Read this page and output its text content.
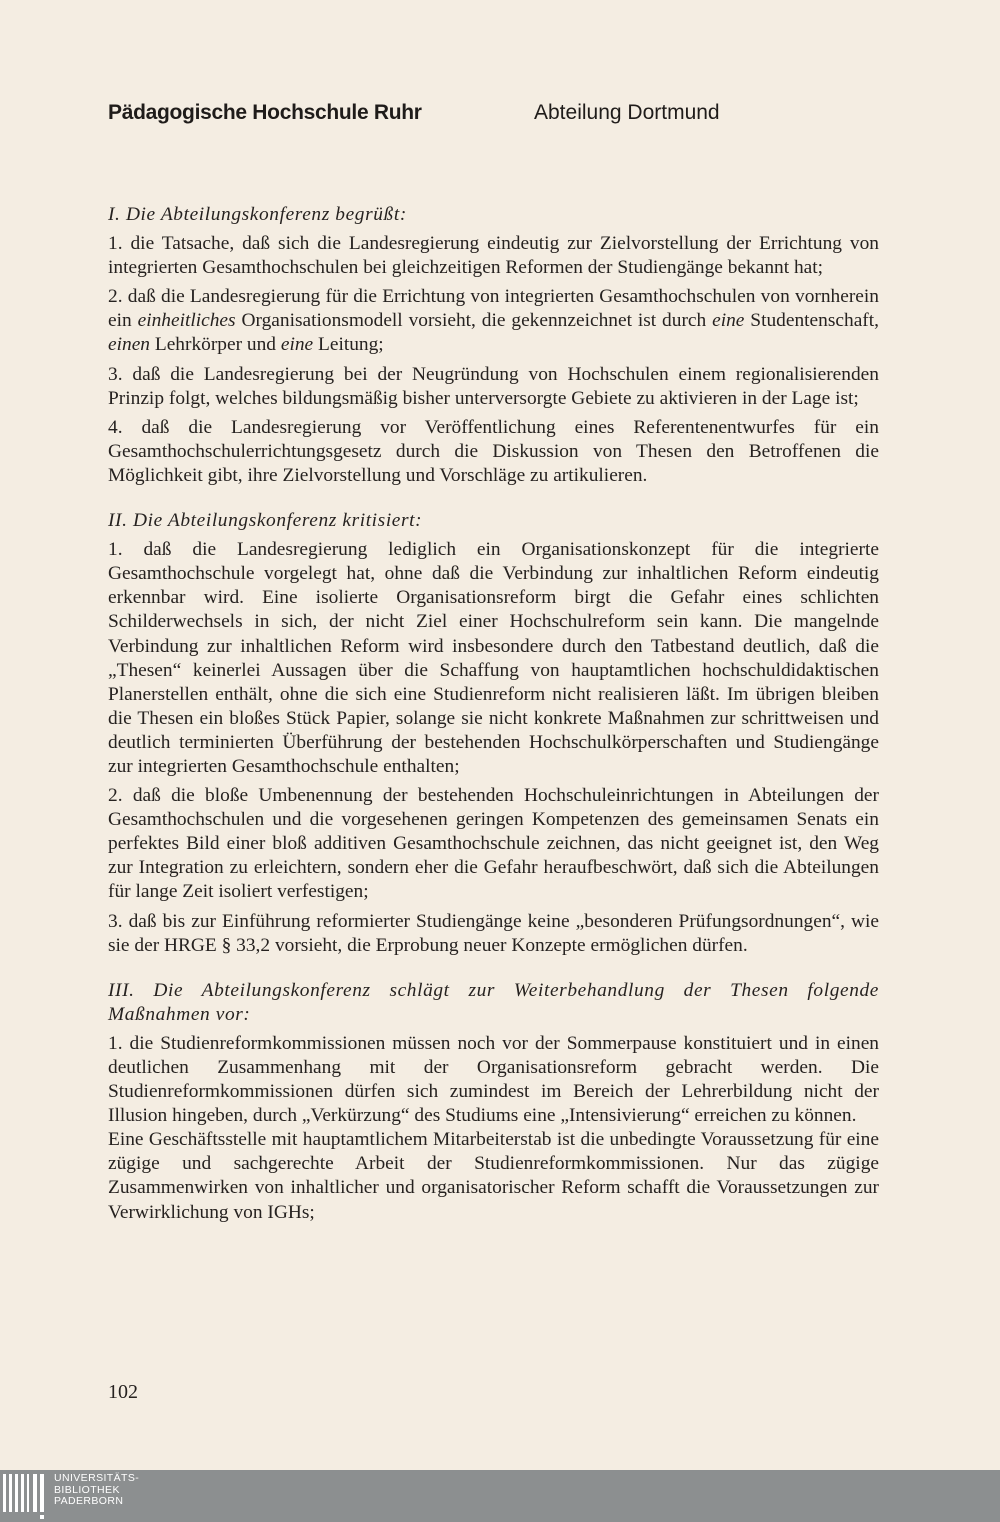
Pädagogische Hochschule Ruhr	Abteilung Dortmund

I. Die Abteilungskonferenz begrüßt:

1. die Tatsache, daß sich die Landesregierung eindeutig zur Zielvorstellung der Errichtung von integrierten Gesamthochschulen bei gleichzeitigen Reformen der Studiengänge bekannt hat;

2. daß die Landesregierung für die Errichtung von integrierten Gesamthochschulen von vornherein ein einheitliches Organisationsmodell vorsieht, die gekennzeichnet ist durch eine Studentenschaft, einen Lehrkörper und eine Leitung;

3. daß die Landesregierung bei der Neugründung von Hochschulen einem regionalisierenden Prinzip folgt, welches bildungsmäßig bisher unterversorgte Gebiete zu aktivieren in der Lage ist;

4. daß die Landesregierung vor Veröffentlichung eines Referentenentwurfes für ein Gesamthochschulerrichtungsgesetz durch die Diskussion von Thesen den Betroffenen die Möglichkeit gibt, ihre Zielvorstellung und Vorschläge zu artikulieren.

II. Die Abteilungskonferenz kritisiert:

1. daß die Landesregierung lediglich ein Organisationskonzept für die integrierte Gesamthochschule vorgelegt hat, ohne daß die Verbindung zur inhaltlichen Reform eindeutig erkennbar wird. Eine isolierte Organisationsreform birgt die Gefahr eines schlichten Schilderwechsels in sich, der nicht Ziel einer Hochschulreform sein kann. Die mangelnde Verbindung zur inhaltlichen Reform wird insbesondere durch den Tatbestand deutlich, daß die „Thesen“ keinerlei Aussagen über die Schaffung von hauptamtlichen hochschuldidaktischen Planerstellen enthält, ohne die sich eine Studienreform nicht realisieren läßt. Im übrigen bleiben die Thesen ein bloßes Stück Papier, solange sie nicht konkrete Maßnahmen zur schrittweisen und deutlich terminierten Überführung der bestehenden Hochschulkörperschaften und Studiengänge zur integrierten Gesamthochschule enthalten;

2. daß die bloße Umbenennung der bestehenden Hochschuleinrichtungen in Abteilungen der Gesamthochschulen und die vorgesehenen geringen Kompetenzen des gemeinsamen Senats ein perfektes Bild einer bloß additiven Gesamthochschule zeichnen, das nicht geeignet ist, den Weg zur Integration zu erleichtern, sondern eher die Gefahr heraufbeschwört, daß sich die Abteilungen für lange Zeit isoliert verfestigen;

3. daß bis zur Einführung reformierter Studiengänge keine „besonderen Prüfungsordnungen“, wie sie der HRGE § 33,2 vorsieht, die Erprobung neuer Konzepte ermöglichen dürfen.

III. Die Abteilungskonferenz schlägt zur Weiterbehandlung der Thesen folgende Maßnahmen vor:

1. die Studienreformkommissionen müssen noch vor der Sommerpause konstituiert und in einen deutlichen Zusammenhang mit der Organisationsreform gebracht werden. Die Studienreformkommissionen dürfen sich zumindest im Bereich der Lehrerbildung nicht der Illusion hingeben, durch „Verkürzung“ des Studiums eine „Intensivierung“ erreichen zu können.

Eine Geschäftsstelle mit hauptamtlichem Mitarbeiterstab ist die unbedingte Voraussetzung für eine zügige und sachgerechte Arbeit der Studienreformkommissionen. Nur das zügige Zusammenwirken von inhaltlicher und organisatorischer Reform schafft die Voraussetzungen zur Verwirklichung von IGHs;

102
UNIVERSITÄTS-
BIBLIOTHEK
PADERBORN
